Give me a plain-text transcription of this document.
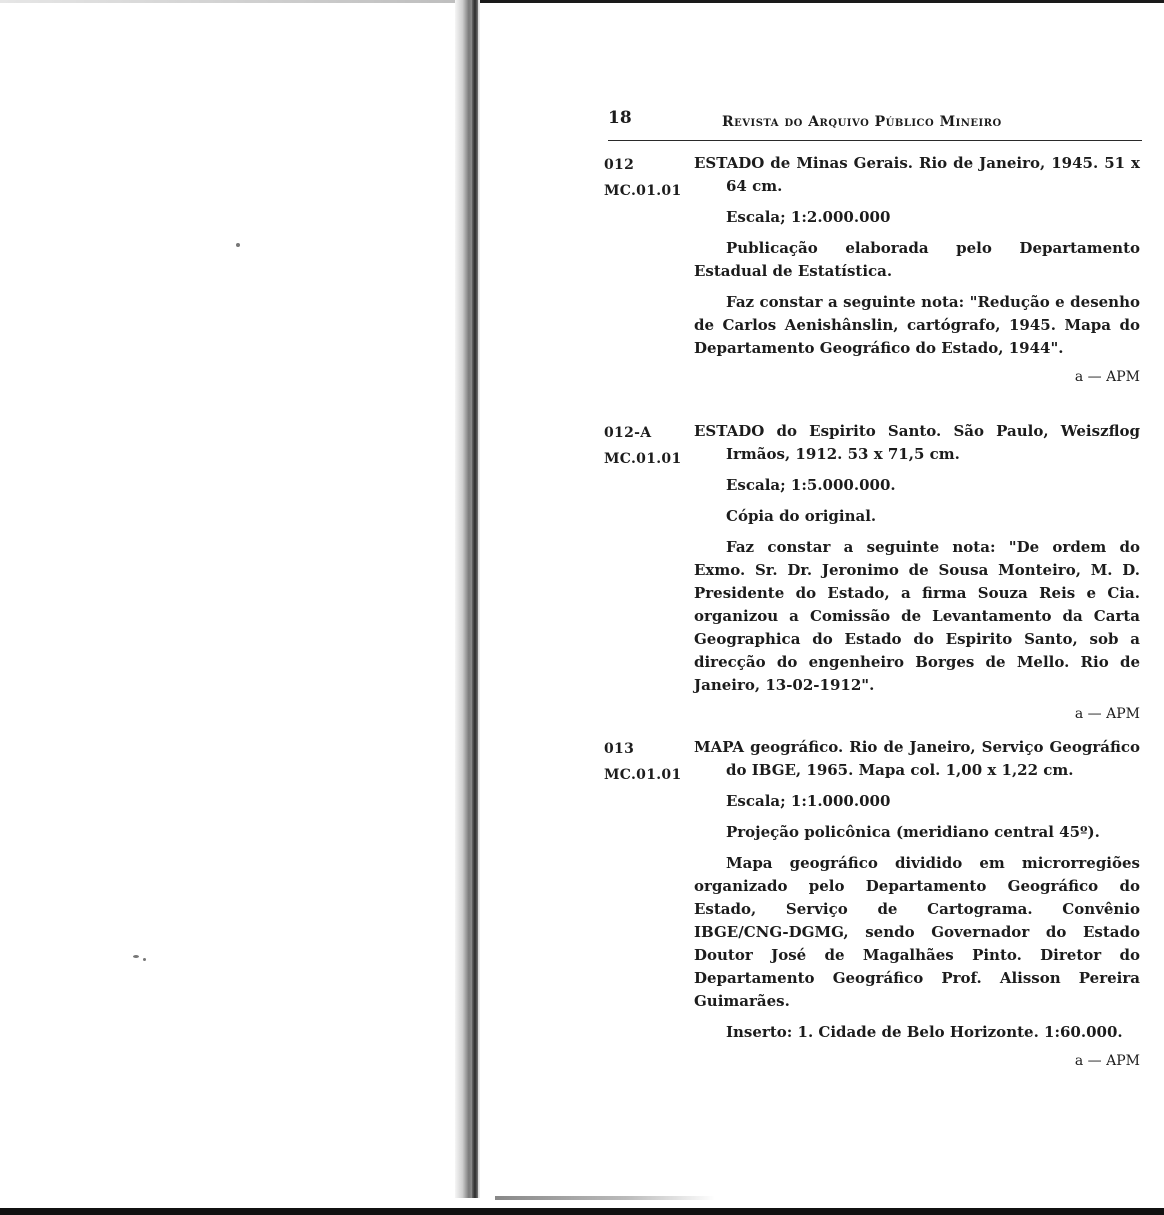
18	Revista do Arquivo Público Mineiro
012
MC.01.01

ESTADO de Minas Gerais. Rio de Janeiro, 1945. 51 x 64 cm.

Escala; 1:2.000.000

Publicação elaborada pelo Departamento Estadual de Estatística.

Faz constar a seguinte nota: "Redução e desenho de Carlos Aenishânslin, cartógrafo, 1945. Mapa do Departamento Geográfico do Estado, 1944".

a — APM

012-A
MC.01.01

ESTADO do Espirito Santo. São Paulo, Weiszflog Irmãos, 1912. 53 x 71,5 cm.

Escala; 1:5.000.000.

Cópia do original.

Faz constar a seguinte nota: "De ordem do Exmo. Sr. Dr. Jeronimo de Sousa Monteiro, M. D. Presidente do Estado, a firma Souza Reis e Cia. organizou a Comissão de Levantamento da Carta Geographica do Estado do Espirito Santo, sob a direcção do engenheiro Borges de Mello. Rio de Janeiro, 13-02-1912".

a — APM

013
MC.01.01

MAPA geográfico. Rio de Janeiro, Serviço Geográfico do IBGE, 1965. Mapa col. 1,00 x 1,22 cm.

Escala; 1:1.000.000

Projeção policônica (meridiano central 45º).

Mapa geográfico dividido em microrregiões organizado pelo Departamento Geográfico do Estado, Serviço de Cartograma. Convênio IBGE/CNG-DGMG, sendo Governador do Estado Doutor José de Magalhães Pinto. Diretor do Departamento Geográfico Prof. Alisson Pereira Guimarães.

Inserto: 1. Cidade de Belo Horizonte. 1:60.000.

a — APM
